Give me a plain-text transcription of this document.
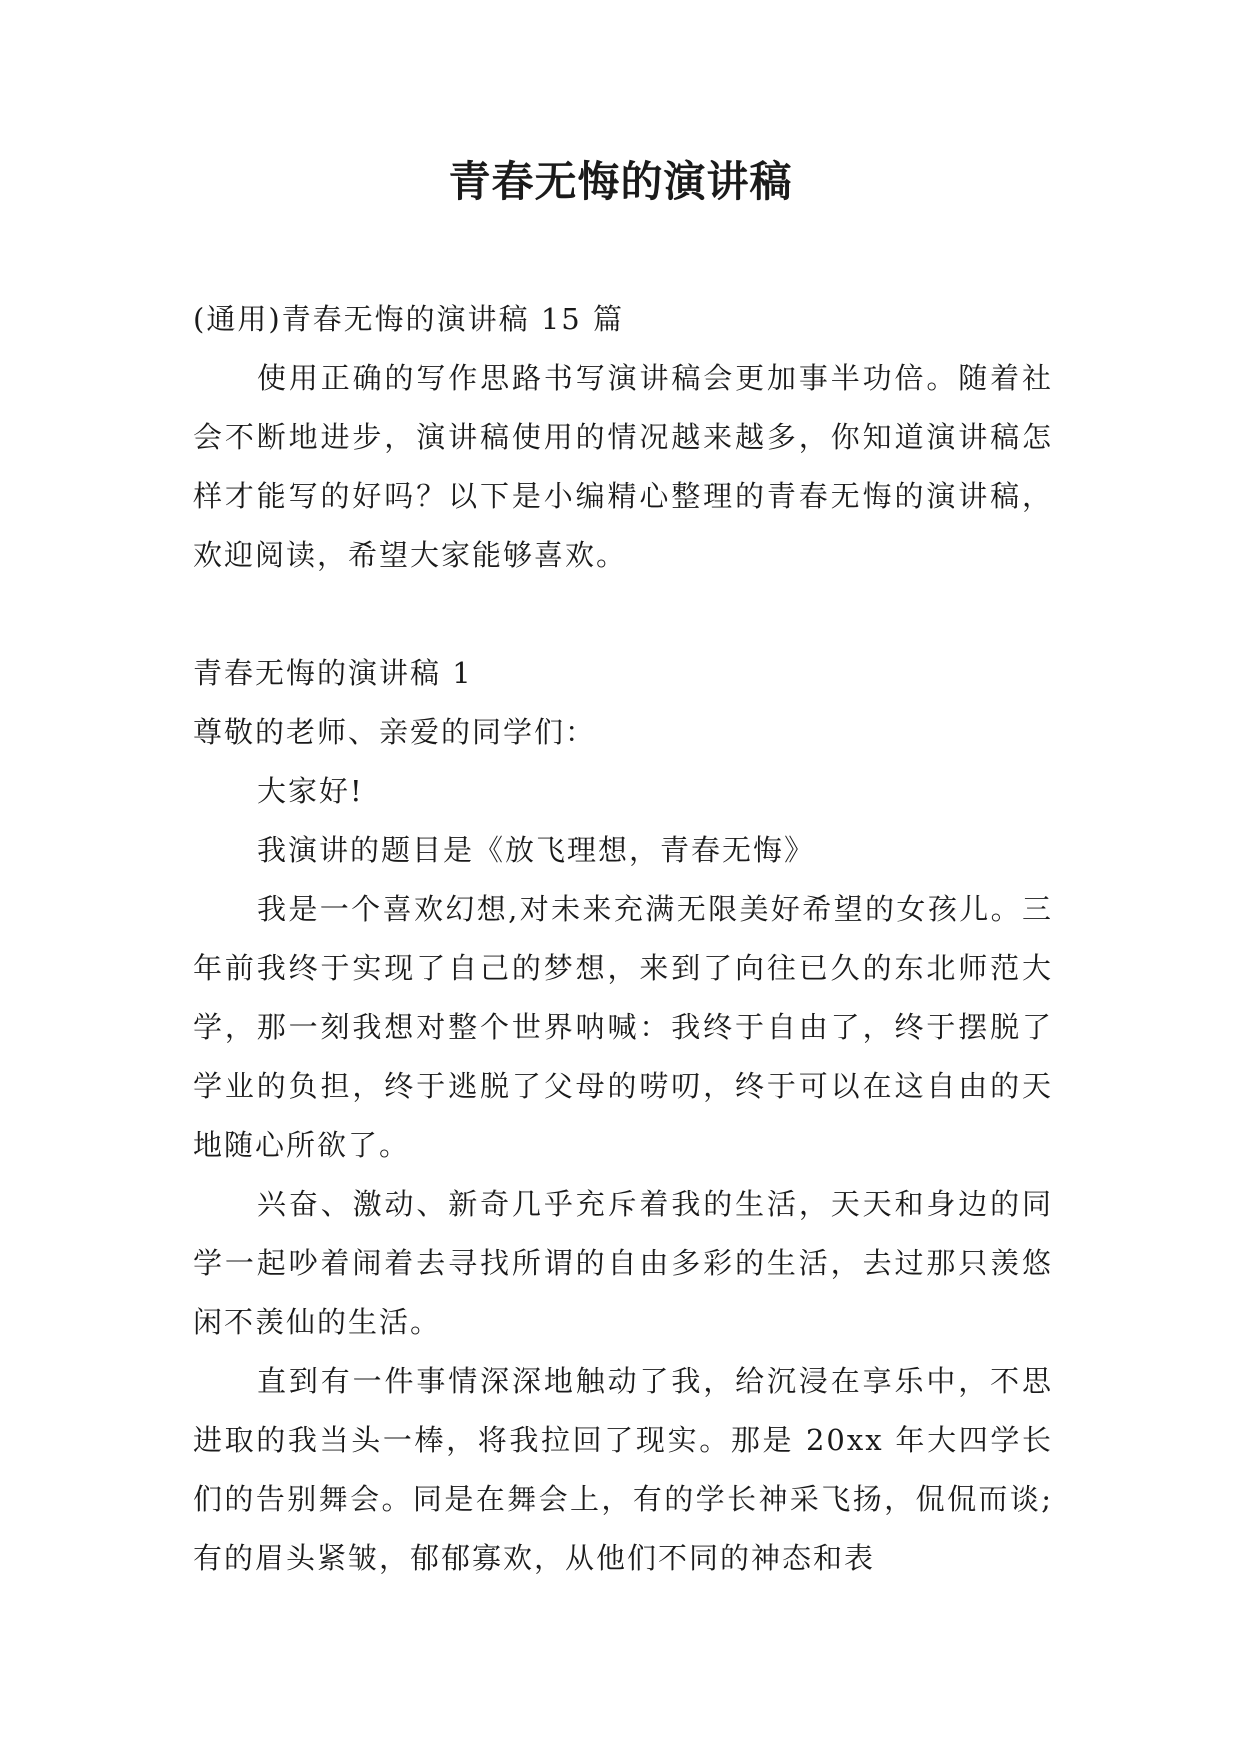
青春无悔的演讲稿

(通用)青春无悔的演讲稿 15 篇

使用正确的写作思路书写演讲稿会更加事半功倍。随着社会不断地进步，演讲稿使用的情况越来越多，你知道演讲稿怎样才能写的好吗？以下是小编精心整理的青春无悔的演讲稿，欢迎阅读，希望大家能够喜欢。

青春无悔的演讲稿 1

尊敬的老师、亲爱的同学们：

大家好!

我演讲的题目是《放飞理想，青春无悔》

我是一个喜欢幻想,对未来充满无限美好希望的女孩儿。三年前我终于实现了自己的梦想，来到了向往已久的东北师范大学，那一刻我想对整个世界呐喊：我终于自由了，终于摆脱了学业的负担，终于逃脱了父母的唠叨，终于可以在这自由的天地随心所欲了。

兴奋、激动、新奇几乎充斥着我的生活，天天和身边的同学一起吵着闹着去寻找所谓的自由多彩的生活，去过那只羡悠闲不羡仙的生活。

直到有一件事情深深地触动了我，给沉浸在享乐中，不思进取的我当头一棒，将我拉回了现实。那是 20xx 年大四学长们的告别舞会。同是在舞会上，有的学长神采飞扬，侃侃而谈;有的眉头紧皱，郁郁寡欢，从他们不同的神态和表
